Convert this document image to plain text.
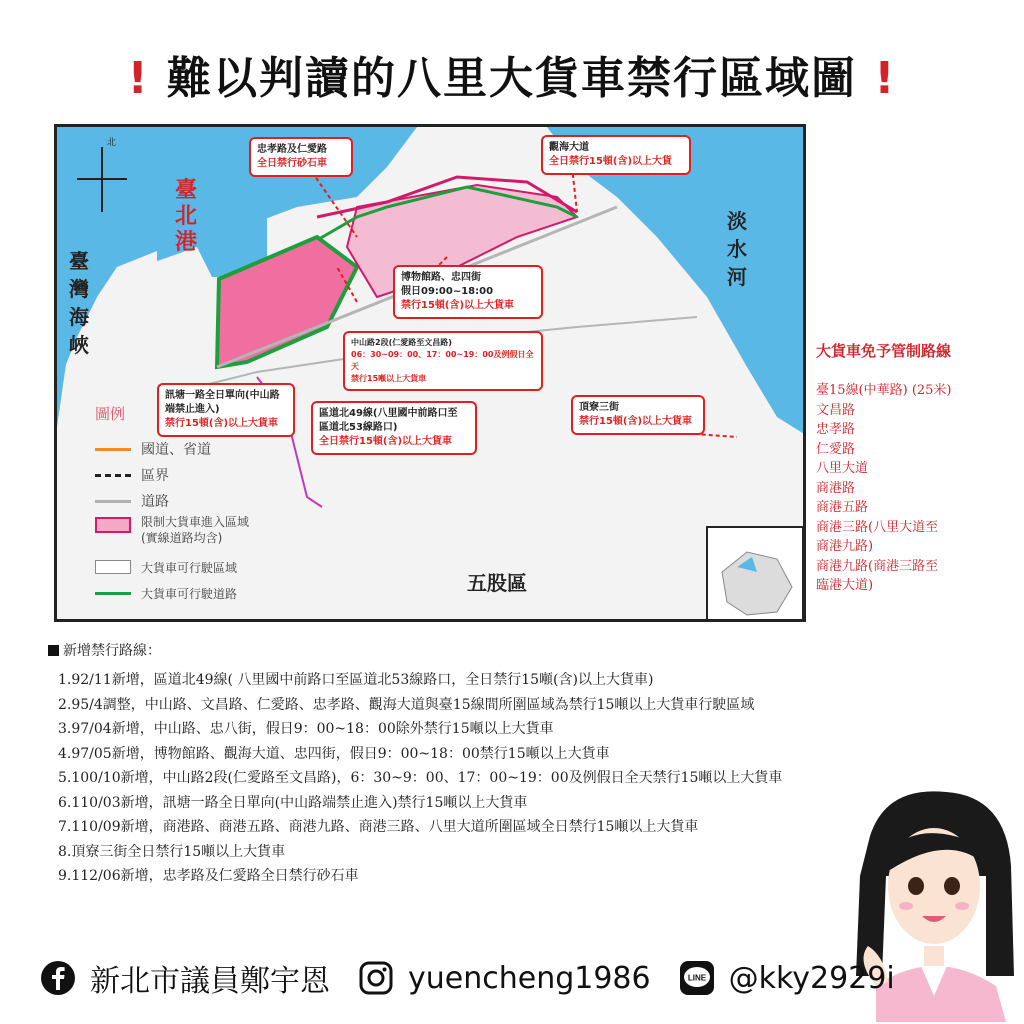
! 難以判讀的八里大貨車禁行區域圖 !
北
臺北港
臺灣海峽
淡水河
五股區
忠孝路及仁愛路
全日禁行砂石車
觀海大道
全日禁行15頓(含)以上大貨
博物館路、忠四街
假日09:00~18:00
禁行15頓(含)以上大貨車
中山路2段(仁愛路至文昌路)
06：30~09：00、17：00~19：00及例假日全天
禁行15噸以上大貨車
訊塘一路全日單向(中山路
端禁止進入)
禁行15頓(含)以上大貨車
區道北49線(八里國中前路口至
區道北53線路口)
全日禁行15頓(含)以上大貨車
頂寮三街
禁行15頓(含)以上大貨車
圖例
國道、省道
區界
道路
限制大貨車進入區域
(實線道路均含)
大貨車可行駛區域
大貨車可行駛道路
大貨車免予管制路線
臺15線(中華路) (25米)
文昌路
忠孝路
仁愛路
八里大道
商港路
商港五路
商港三路(八里大道至
商港九路)
商港九路(商港三路至
臨港大道)
新增禁行路線：
1.92/11新增，區道北49線( 八里國中前路口至區道北53線路口，全日禁行15噸(含)以上大貨車)
2.95/4調整，中山路、文昌路、仁愛路、忠孝路、觀海大道與臺15線間所圍區域為禁行15噸以上大貨車行駛區域
3.97/04新增，中山路、忠八街，假日9：00~18：00除外禁行15噸以上大貨車
4.97/05新增，博物館路、觀海大道、忠四街，假日9：00~18：00禁行15噸以上大貨車
5.100/10新增，中山路2段(仁愛路至文昌路)，6：30~9：00、17：00~19：00及例假日全天禁行15噸以上大貨車
6.110/03新增，訊塘一路全日單向(中山路端禁止進入)禁行15噸以上大貨車
7.110/09新增，商港路、商港五路、商港九路、商港三路、八里大道所圍區域全日禁行15噸以上大貨車
8.頂寮三街全日禁行15噸以上大貨車
9.112/06新增，忠孝路及仁愛路全日禁行砂石車
新北市議員鄭宇恩	yuencheng1986	LINE @kky2929i
